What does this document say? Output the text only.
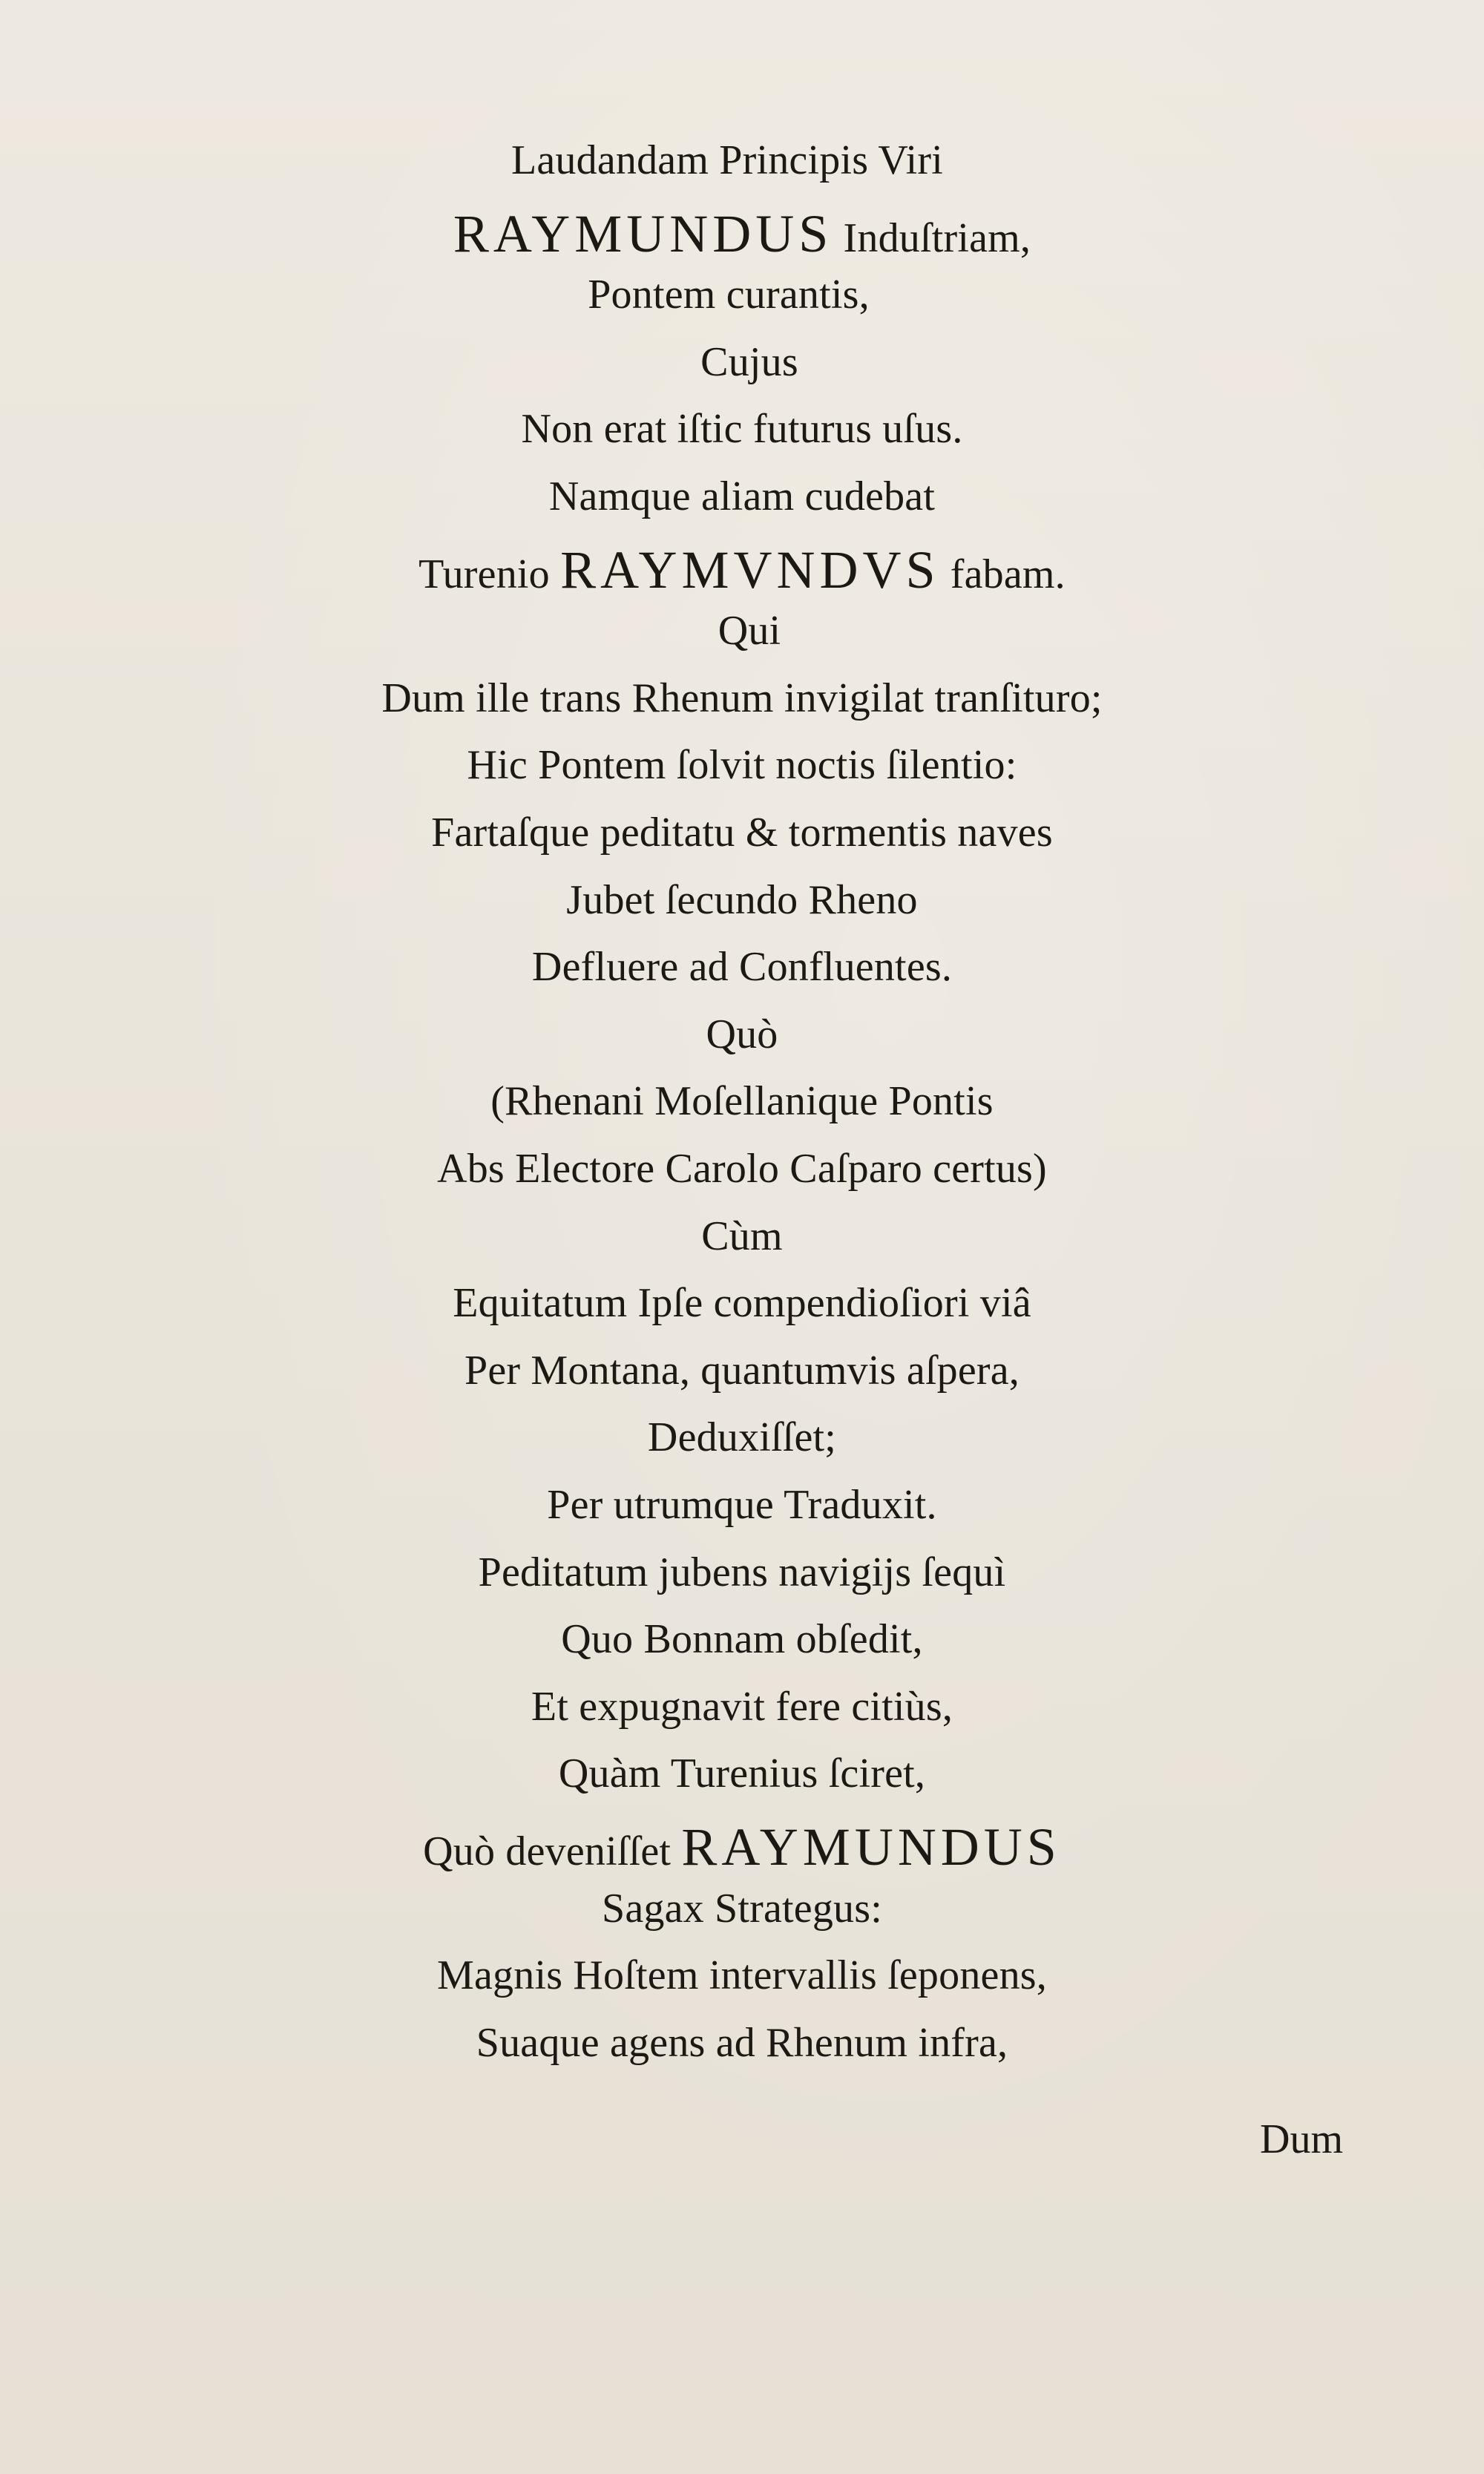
Laudandam Principis Viri
RAYMUNDUS Induſtriam,
Pontem curantis,
Cujus
Non erat iſtic futurus uſus.
Namque aliam cudebat
Turenio RAYMVNDVS fabam.
Qui
Dum ille trans Rhenum invigilat tranſituro;
Hic Pontem ſolvit noctis ſilentio:
Fartaſque peditatu & tormentis naves
Jubet ſecundo Rheno
Defluere ad Confluentes.
Quò
(Rhenani Moſellanique Pontis
Abs Electore Carolo Caſparo certus)
Cùm
Equitatum Ipſe compendioſiori viâ
Per Montana, quantumvis aſpera,
Deduxiſſet;
Per utrumque Traduxit.
Peditatum jubens navigijs ſequì
Quo Bonnam obſedit,
Et expugnavit fere citiùs,
Quàm Turenius ſciret,
Quò deveniſſet RAYMUNDUS
Sagax Strategus:
Magnis Hoſtem intervallis ſeponens,
Suaque agens ad Rhenum infra,
Dum
